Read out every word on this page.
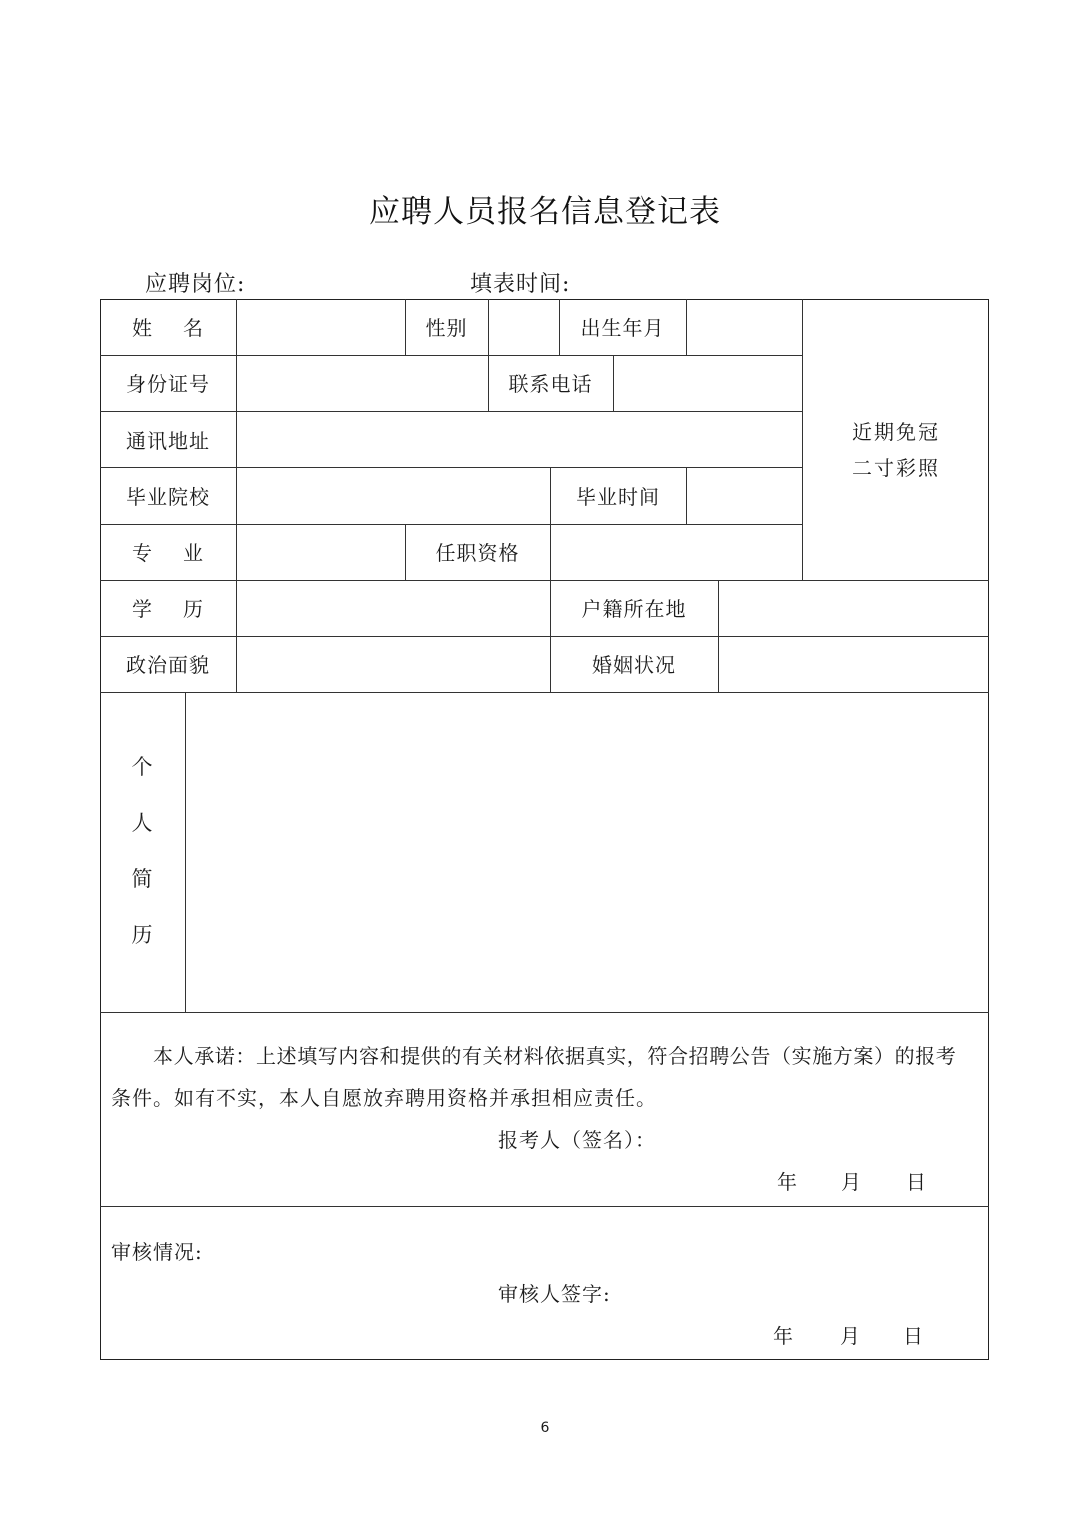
应聘人员报名信息登记表
应聘岗位:	填表时间:
姓 名	性别	出生年月
身份证号	联系电话
通讯地址
毕业院校	毕业时间
专 业	任职资格
学 历	户籍所在地
政治面貌	婚姻状况
近期免冠
二寸彩照
个
人
简
历
本人承诺：上述填写内容和提供的有关材料依据真实，符合招聘公告（实施方案）的报考
条件。如有不实，本人自愿放弃聘用资格并承担相应责任。
报考人（签名）：
年 月 日
审核情况:
审核人签字:
年 月 日
6
